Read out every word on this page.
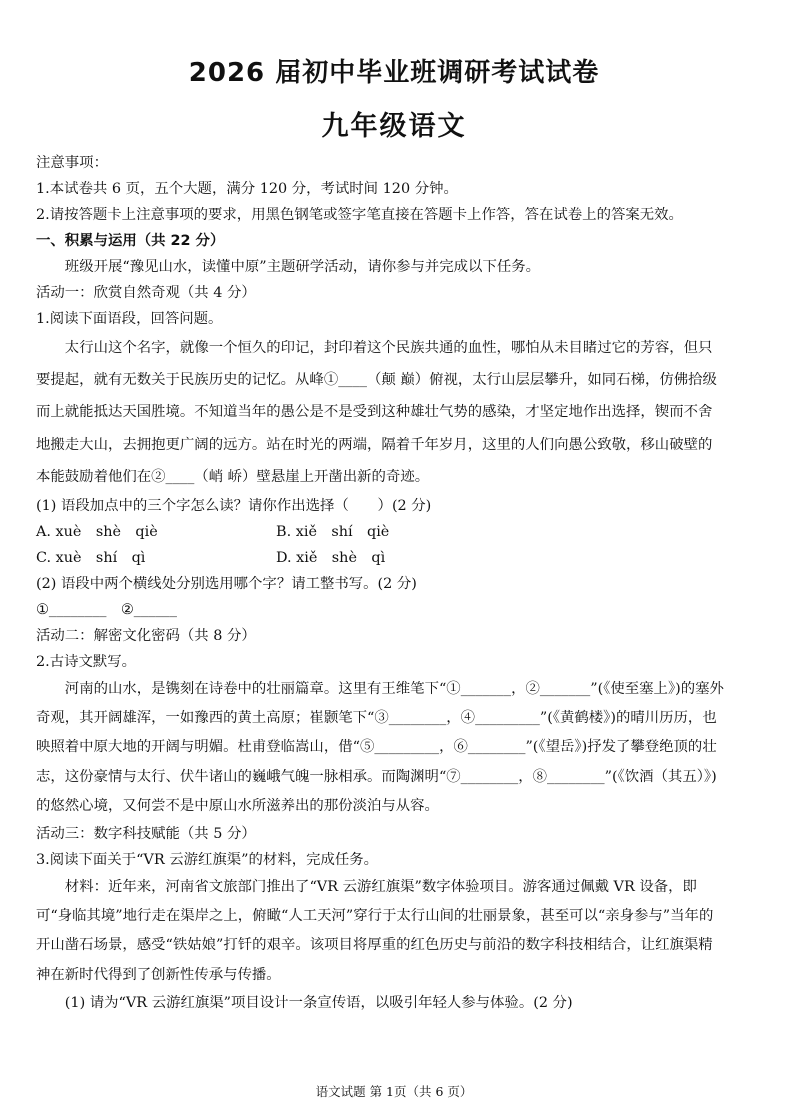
2026 届初中毕业班调研考试试卷
九年级语文

注意事项：

1.本试卷共 6 页，五个大题，满分 120 分，考试时间 120 分钟。

2.请按答题卡上注意事项的要求，用黑色钢笔或签字笔直接在答题卡上作答，答在试卷上的答案无效。

一、积累与运用（共 22 分）

班级开展“豫见山水，读懂中原”主题研学活动，请你参与并完成以下任务。

活动一：欣赏自然奇观（共 4 分）

1.阅读下面语段，回答问题。

太行山这个名字，就像一个恒久的印记，封印着这个民族共通的血性，哪怕从未目睹过它的芳容，但只要提起，就有无数关于民族历史的记忆。从峰①____（颠 巅）俯视，太行山层层攀升，如同石梯，仿佛拾级而上就能抵达天国胜境。不知道当年的愚公是不是受到这种雄壮气势的感染，才坚定地作出选择，锲而不舍地搬走大山，去拥抱更广阔的远方。站在时光的两端，隔着千年岁月，这里的人们向愚公致敬，移山破壁的本能鼓励着他们在②____（峭 峤）壁悬崖上开凿出新的奇迹。

(1) 语段加点中的三个字怎么读？请你作出选择（　　）(2 分)

A. xuè　shè　qiè	B. xiě　shí　qiè
C. xuè　shí　qì	D. xiě　shè　qì

(2) 语段中两个横线处分别选用哪个字？请工整书写。(2 分)

①________　②______

活动二：解密文化密码（共 8 分）

2.古诗文默写。

河南的山水，是镌刻在诗卷中的壮丽篇章。这里有王维笔下“①_______，②_______”(《使至塞上》)的塞外奇观，其开阔雄浑，一如豫西的黄土高原；崔颢笔下“③________，④_________”(《黄鹤楼》)的晴川历历，也映照着中原大地的开阔与明媚。杜甫登临嵩山，借“⑤_________，⑥________”(《望岳》)抒发了攀登绝顶的壮志，这份豪情与太行、伏牛诸山的巍峨气魄一脉相承。而陶渊明“⑦________，⑧________”(《饮酒（其五）》)的悠然心境，又何尝不是中原山水所滋养出的那份淡泊与从容。

活动三：数字科技赋能（共 5 分）

3.阅读下面关于“VR 云游红旗渠”的材料，完成任务。

材料：近年来，河南省文旅部门推出了“VR 云游红旗渠”数字体验项目。游客通过佩戴 VR 设备，即可“身临其境”地行走在渠岸之上，俯瞰“人工天河”穿行于太行山间的壮丽景象，甚至可以“亲身参与”当年的开山凿石场景，感受“铁姑娘”打钎的艰辛。该项目将厚重的红色历史与前沿的数字科技相结合，让红旗渠精神在新时代得到了创新性传承与传播。

(1) 请为“VR 云游红旗渠”项目设计一条宣传语，以吸引年轻人参与体验。(2 分)

语文试题 第 1页（共 6 页）
